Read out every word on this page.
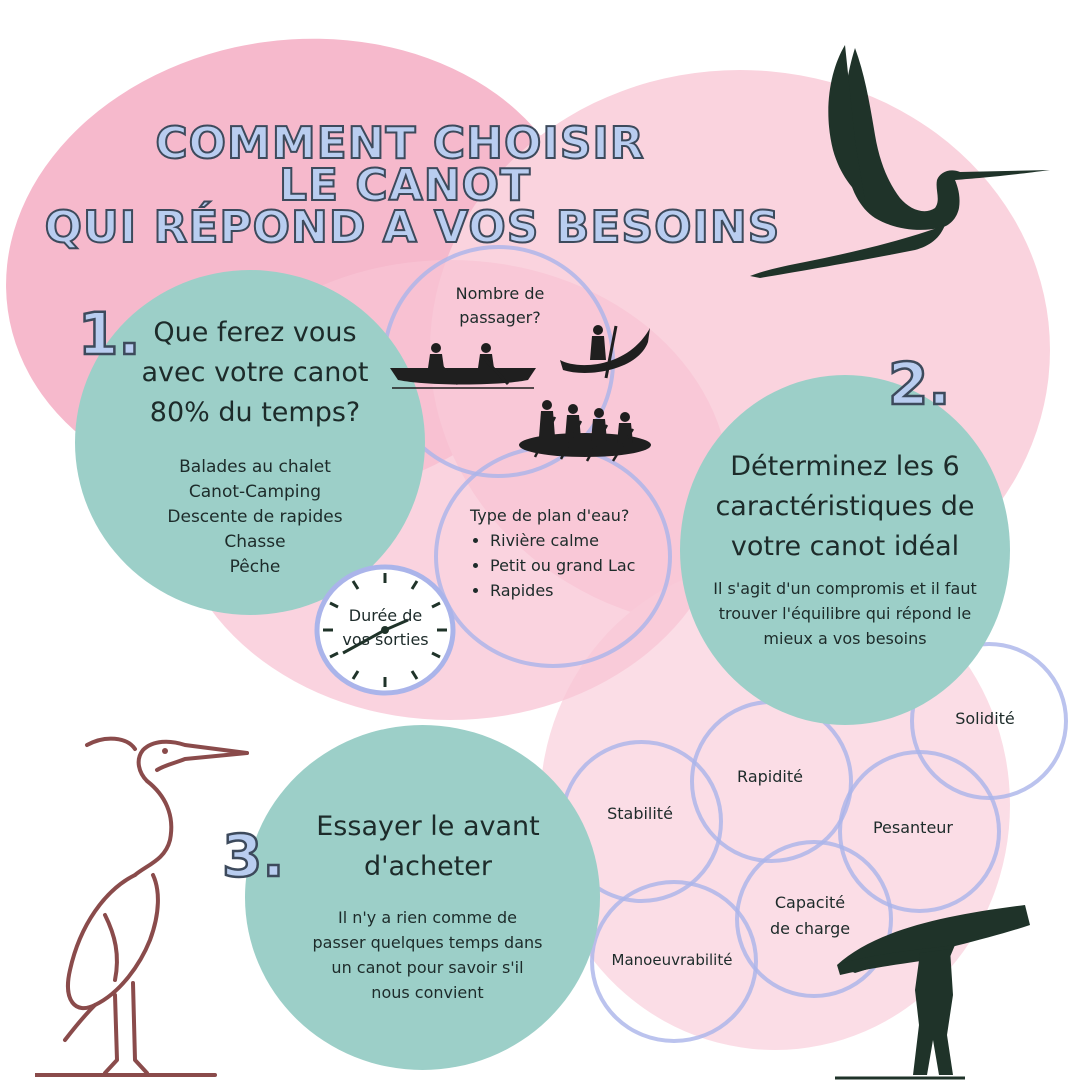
COMMENT CHOISIR
LE CANOT
QUI RÉPOND A VOS BESOINS
1. Que ferez vous
avec votre canot
80% du temps?
Balades au chalet
Canot-Camping
Descente de rapides
Chasse
Pêche
Nombre de
passager?
Type de plan d'eau?
• Rivière calme
• Petit ou grand Lac
• Rapides
Durée de
vos sorties
2.
Déterminez les 6
caractéristiques de
votre canot idéal
Il s'agit d'un compromis et il faut
trouver l'équilibre qui répond le
mieux a vos besoins
Solidité
Rapidité
Stabilité
Pesanteur
Capacité
de charge
Manoeuvrabilité
3.	Essayer le avant
d'acheter
Il n'y a rien comme de
passer quelques temps dans
un canot pour savoir s'il
nous convient
